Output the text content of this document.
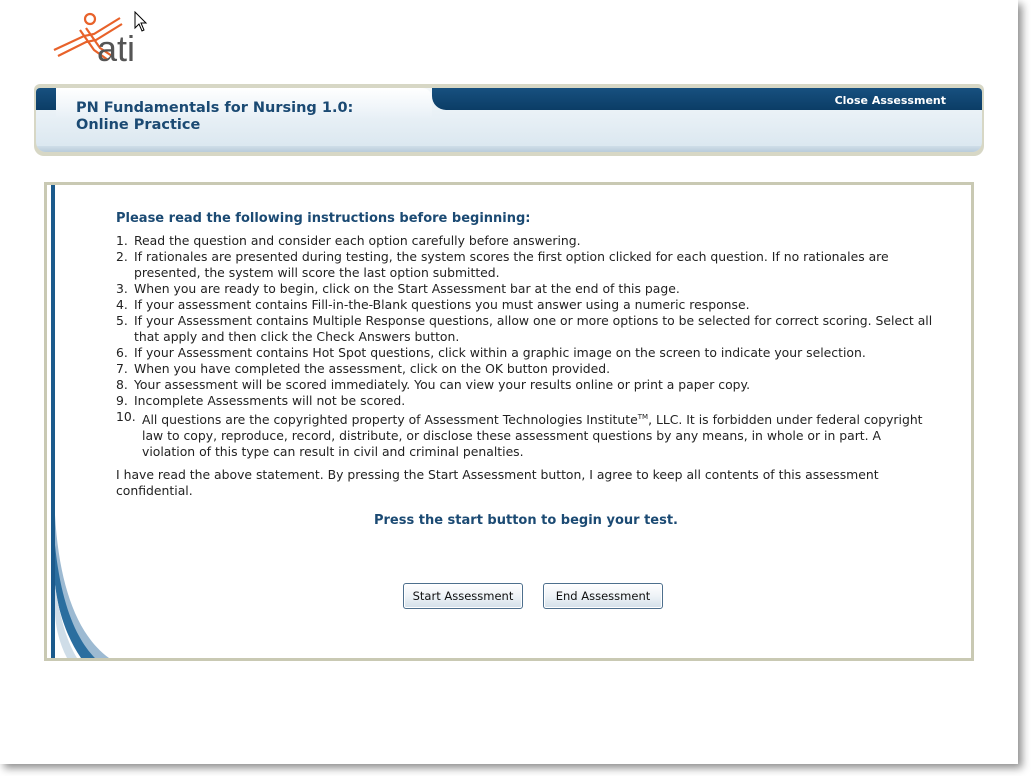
ati
PN Fundamentals for Nursing 1.0:
Online Practice
Close Assessment
Please read the following instructions before beginning:
1. Read the question and consider each option carefully before answering.
2. If rationales are presented during testing, the system scores the first option clicked for each question. If no rationales are presented, the system will score the last option submitted.
3. When you are ready to begin, click on the Start Assessment bar at the end of this page.
4. If your assessment contains Fill-in-the-Blank questions you must answer using a numeric response.
5. If your Assessment contains Multiple Response questions, allow one or more options to be selected for correct scoring. Select all that apply and then click the Check Answers button.
6. If your Assessment contains Hot Spot questions, click within a graphic image on the screen to indicate your selection.
7. When you have completed the assessment, click on the OK button provided.
8. Your assessment will be scored immediately. You can view your results online or print a paper copy.
9. Incomplete Assessments will not be scored.
10. All questions are the copyrighted property of Assessment Technologies Institute™, LLC. It is forbidden under federal copyright law to copy, reproduce, record, distribute, or disclose these assessment questions by any means, in whole or in part. A violation of this type can result in civil and criminal penalties.
I have read the above statement. By pressing the Start Assessment button, I agree to keep all contents of this assessment confidential.
Press the start button to begin your test.
Start Assessment	End Assessment
